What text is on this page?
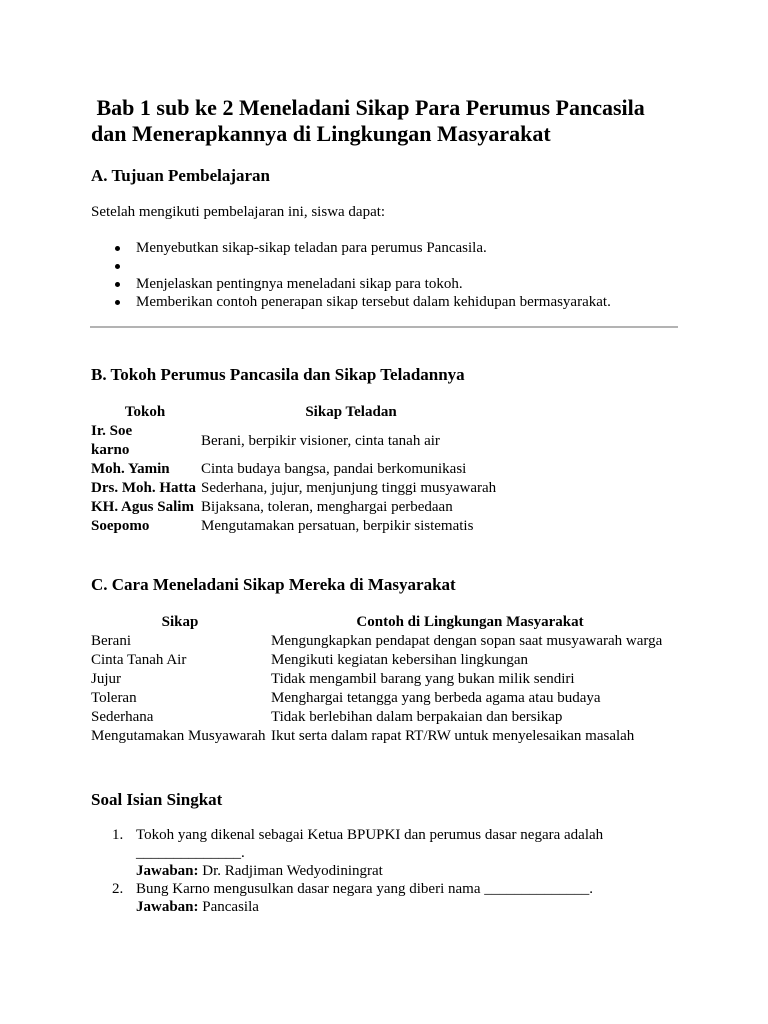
Bab 1 sub ke 2 Meneladani Sikap Para Perumus Pancasila
dan Menerapkannya di Lingkungan Masyarakat
A. Tujuan Pembelajaran

Setelah mengikuti pembelajaran ini, siswa dapat:

Menyebutkan sikap-sikap teladan para perumus Pancasila.
Menjelaskan pentingnya meneladani sikap para tokoh.
Memberikan contoh penerapan sikap tersebut dalam kehidupan bermasyarakat.
B. Tokoh Perumus Pancasila dan Sikap Teladannya
Tokoh	Sikap Teladan

Ir. Soe
karno	Berani, berpikir visioner, cinta tanah air
Moh. Yamin	Cinta budaya bangsa, pandai berkomunikasi
Drs. Moh. Hatta	Sederhana, jujur, menjunjung tinggi musyawarah
KH. Agus Salim	Bijaksana, toleran, menghargai perbedaan
Soepomo	Mengutamakan persatuan, berpikir sistematis
C. Cara Meneladani Sikap Mereka di Masyarakat
Sikap	Contoh di Lingkungan Masyarakat
Berani	Mengungkapkan pendapat dengan sopan saat musyawarah warga
Cinta Tanah Air	Mengikuti kegiatan kebersihan lingkungan
Jujur	Tidak mengambil barang yang bukan milik sendiri
Toleran	Menghargai tetangga yang berbeda agama atau budaya
Sederhana	Tidak berlebihan dalam berpakaian dan bersikap
Mengutamakan Musyawarah	Ikut serta dalam rapat RT/RW untuk menyelesaikan masalah
Soal Isian Singkat
1. Tokoh yang dikenal sebagai Ketua BPUPKI dan perumus dasar negara adalah
______________.
Jawaban: Dr. Radjiman Wedyodiningrat
2. Bung Karno mengusulkan dasar negara yang diberi nama ______________.
Jawaban: Pancasila
